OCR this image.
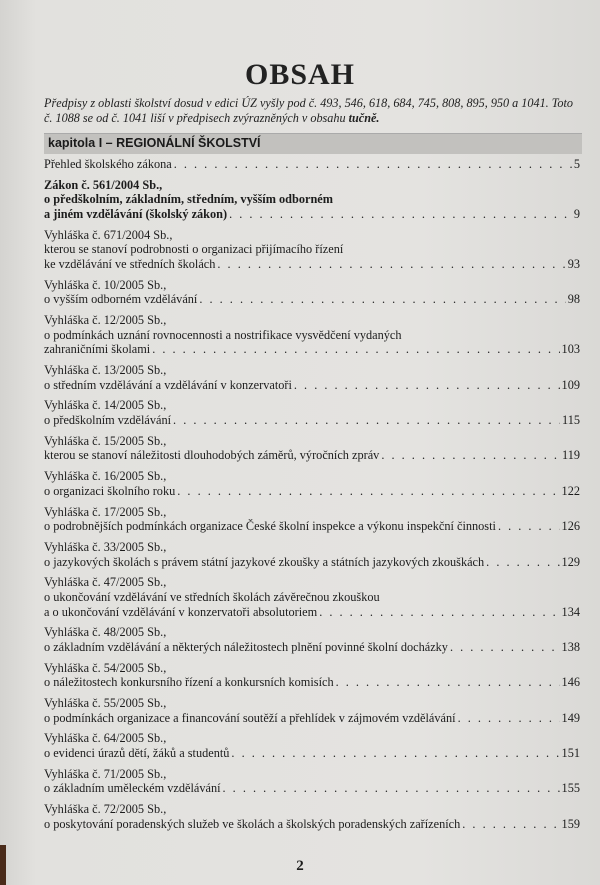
OBSAH
Předpisy z oblasti školství dosud v edici ÚZ vyšly pod č. 493, 546, 618, 684, 745, 808, 895, 950 a 1041. Toto č. 1088 se od č. 1041 liší v předpisech zvýrazněných v obsahu tučně.
kapitola I – REGIONÁLNÍ ŠKOLSTVÍ
Přehled školského zákona . . .	5
Zákon č. 561/2004 Sb.,
o předškolním, základním, středním, vyšším odborném
a jiném vzdělávání (školský zákon) . . .	9
Vyhláška č. 671/2004 Sb.,
kterou se stanoví podrobnosti o organizaci přijímacího řízení
ke vzdělávání ve středních školách . . .	93
Vyhláška č. 10/2005 Sb.,
o vyšším odborném vzdělávání . . .	98
Vyhláška č. 12/2005 Sb.,
o podmínkách uznání rovnocennosti a nostrifikace vysvědčení vydaných
zahraničními školami . . .	103
Vyhláška č. 13/2005 Sb.,
o středním vzdělávání a vzdělávání v konzervatoři . . .	109
Vyhláška č. 14/2005 Sb.,
o předškolním vzdělávání . . .	115
Vyhláška č. 15/2005 Sb.,
kterou se stanoví náležitosti dlouhodobých záměrů, výročních zpráv . . .	119
Vyhláška č. 16/2005 Sb.,
o organizaci školního roku . . .	122
Vyhláška č. 17/2005 Sb.,
o podrobnějších podmínkách organizace České školní inspekce a výkonu inspekční činnosti . . .	126
Vyhláška č. 33/2005 Sb.,
o jazykových školách s právem státní jazykové zkoušky a státních jazykových zkouškách . . .	129
Vyhláška č. 47/2005 Sb.,
o ukončování vzdělávání ve středních školách závěrečnou zkouškou
a o ukončování vzdělávání v konzervatoři absolutoriem . . .	134
Vyhláška č. 48/2005 Sb.,
o základním vzdělávání a některých náležitostech plnění povinné školní docházky . . .	138
Vyhláška č. 54/2005 Sb.,
o náležitostech konkursního řízení a konkursních komisích . . .	146
Vyhláška č. 55/2005 Sb.,
o podmínkách organizace a financování soutěží a přehlídek v zájmovém vzdělávání . . .	149
Vyhláška č. 64/2005 Sb.,
o evidenci úrazů dětí, žáků a studentů . . .	151
Vyhláška č. 71/2005 Sb.,
o základním uměleckém vzdělávání . . .	155
Vyhláška č. 72/2005 Sb.,
o poskytování poradenských služeb ve školách a školských poradenských zařízeních . . .	159
2
